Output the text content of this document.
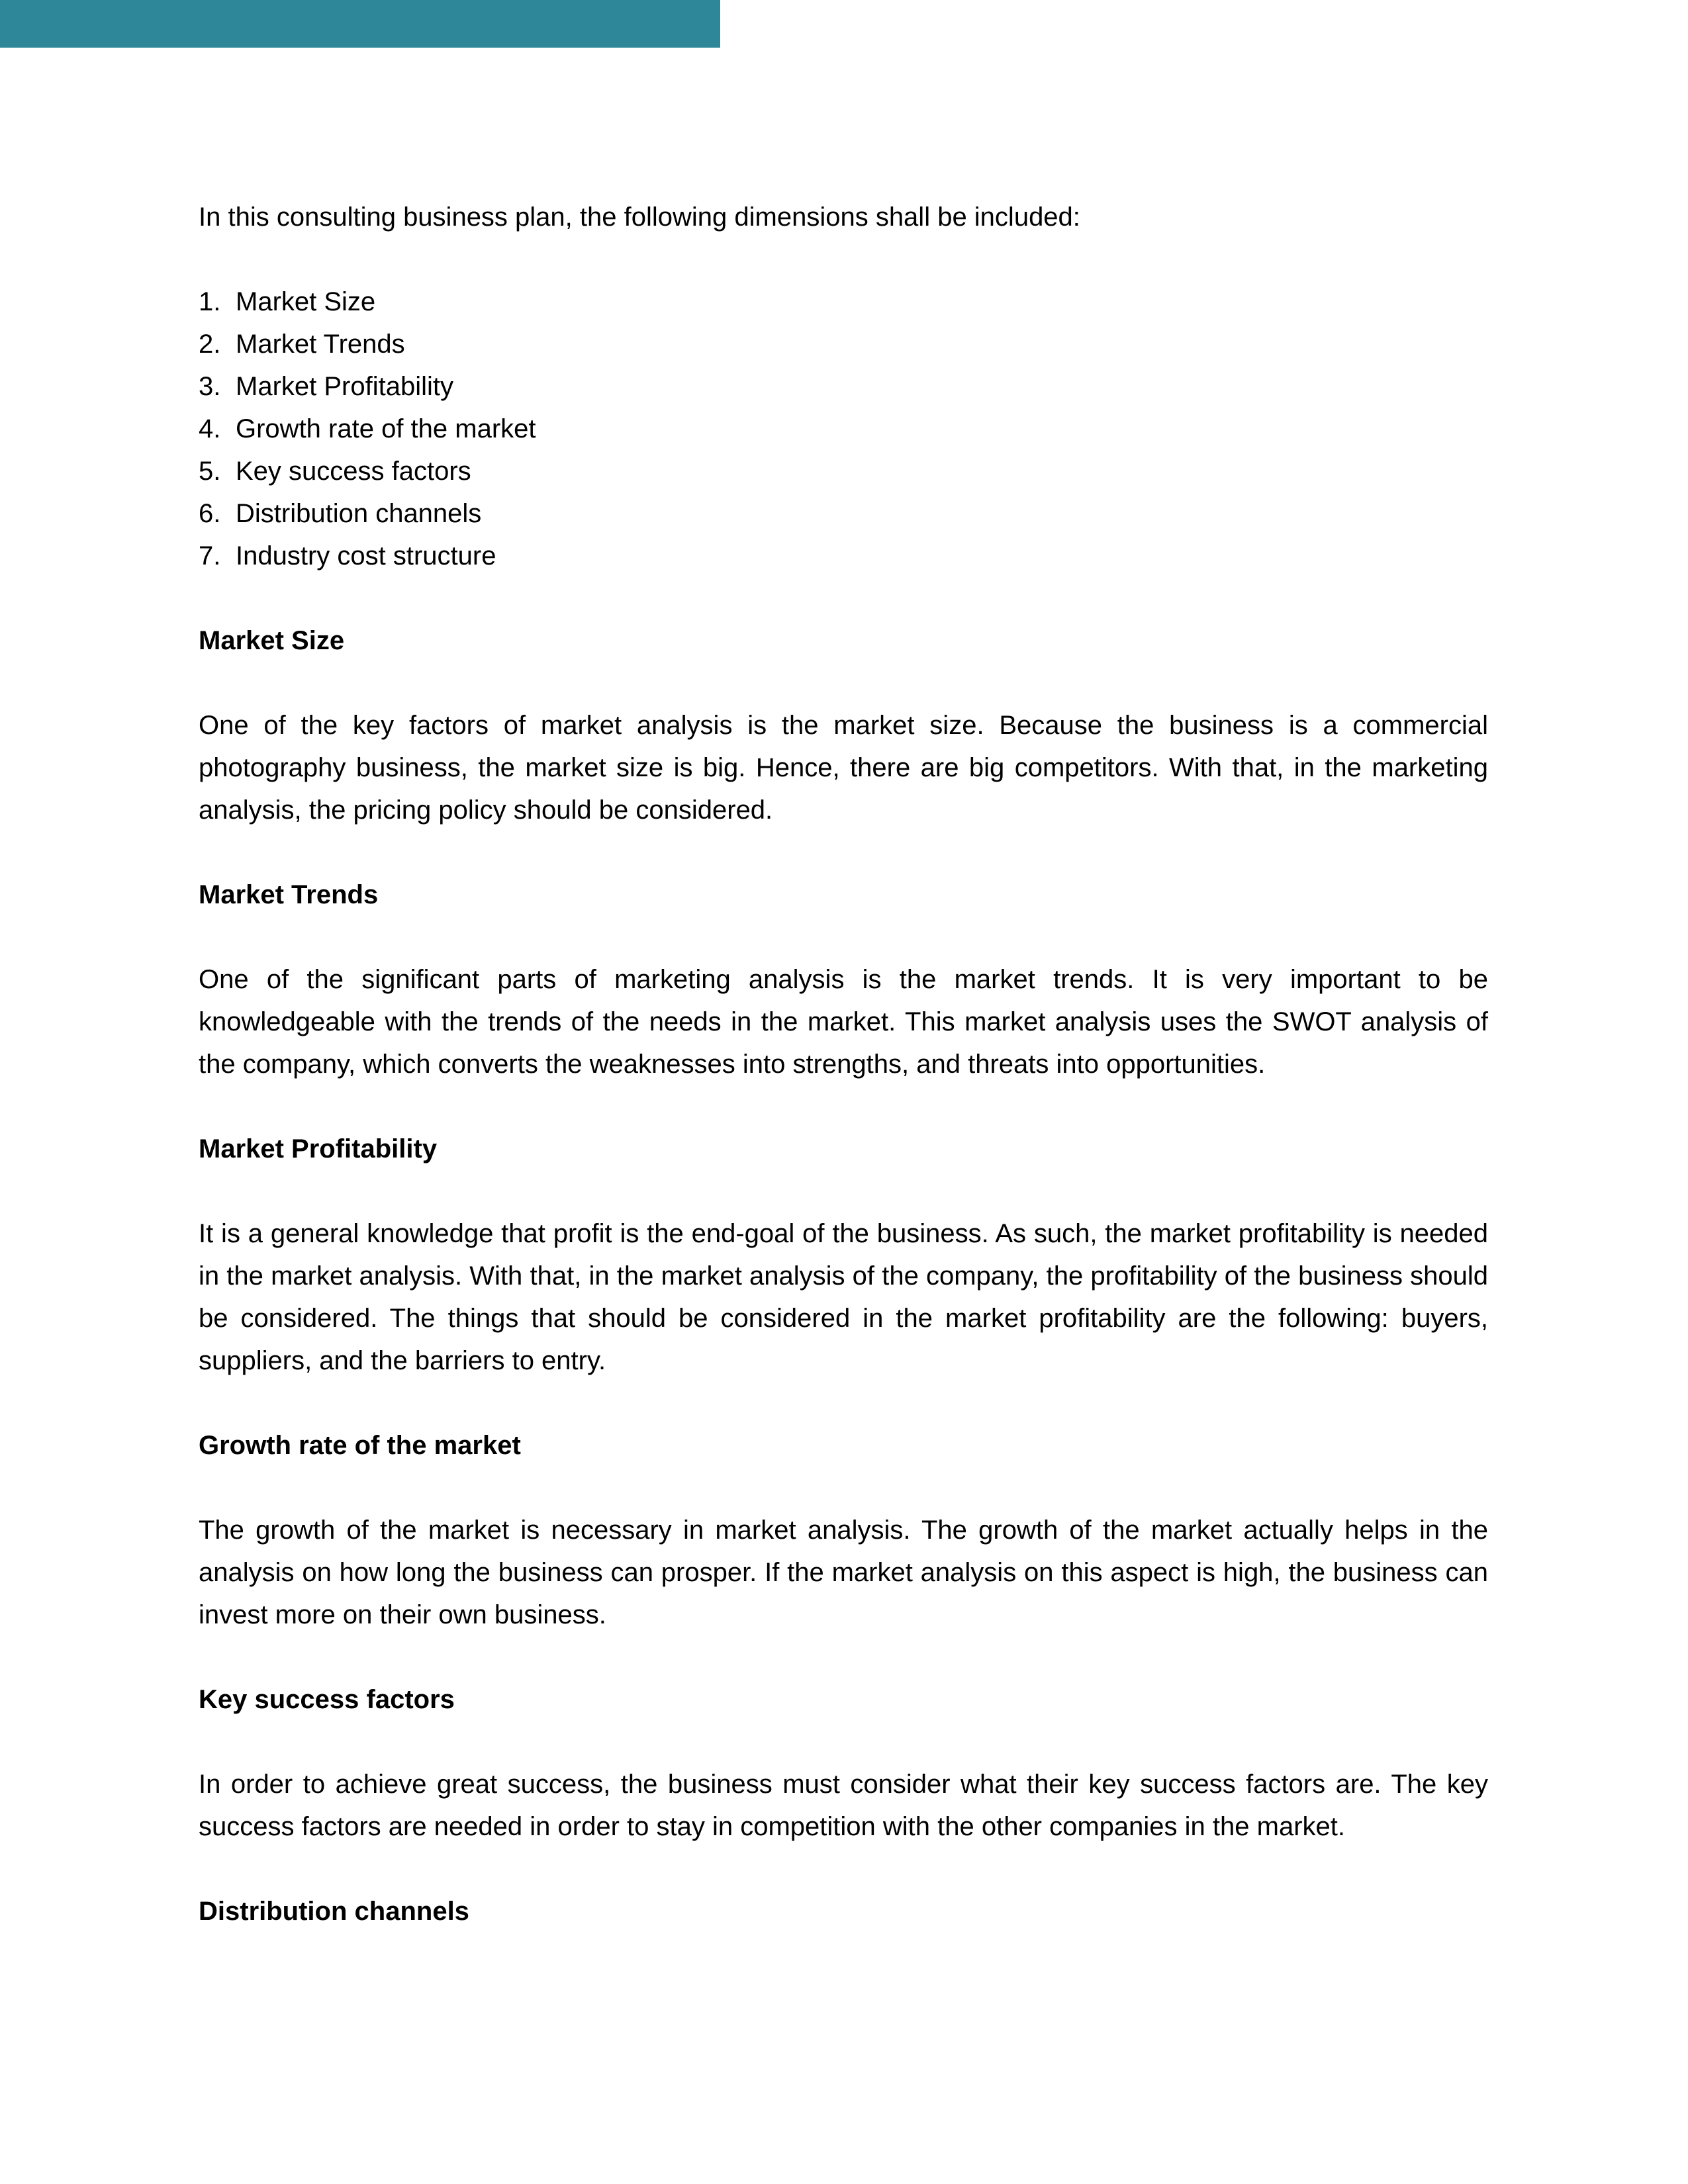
In this consulting business plan, the following dimensions shall be included:

1. Market Size
2. Market Trends
3. Market Profitability
4. Growth rate of the market
5. Key success factors
6. Distribution channels
7. Industry cost structure
Market Size

One of the key factors of market analysis is the market size. Because the business is a commercial photography business, the market size is big. Hence, there are big competitors. With that, in the marketing analysis, the pricing policy should be considered.

Market Trends

One of the significant parts of marketing analysis is the market trends. It is very important to be knowledgeable with the trends of the needs in the market. This market analysis uses the SWOT analysis of the company, which converts the weaknesses into strengths, and threats into opportunities.

Market Profitability

It is a general knowledge that profit is the end-goal of the business. As such, the market profitability is needed in the market analysis. With that, in the market analysis of the company, the profitability of the business should be considered. The things that should be considered in the market profitability are the following: buyers, suppliers, and the barriers to entry.

Growth rate of the market

The growth of the market is necessary in market analysis. The growth of the market actually helps in the analysis on how long the business can prosper. If the market analysis on this aspect is high, the business can invest more on their own business.

Key success factors

In order to achieve great success, the business must consider what their key success factors are. The key success factors are needed in order to stay in competition with the other companies in the market.

Distribution channels
